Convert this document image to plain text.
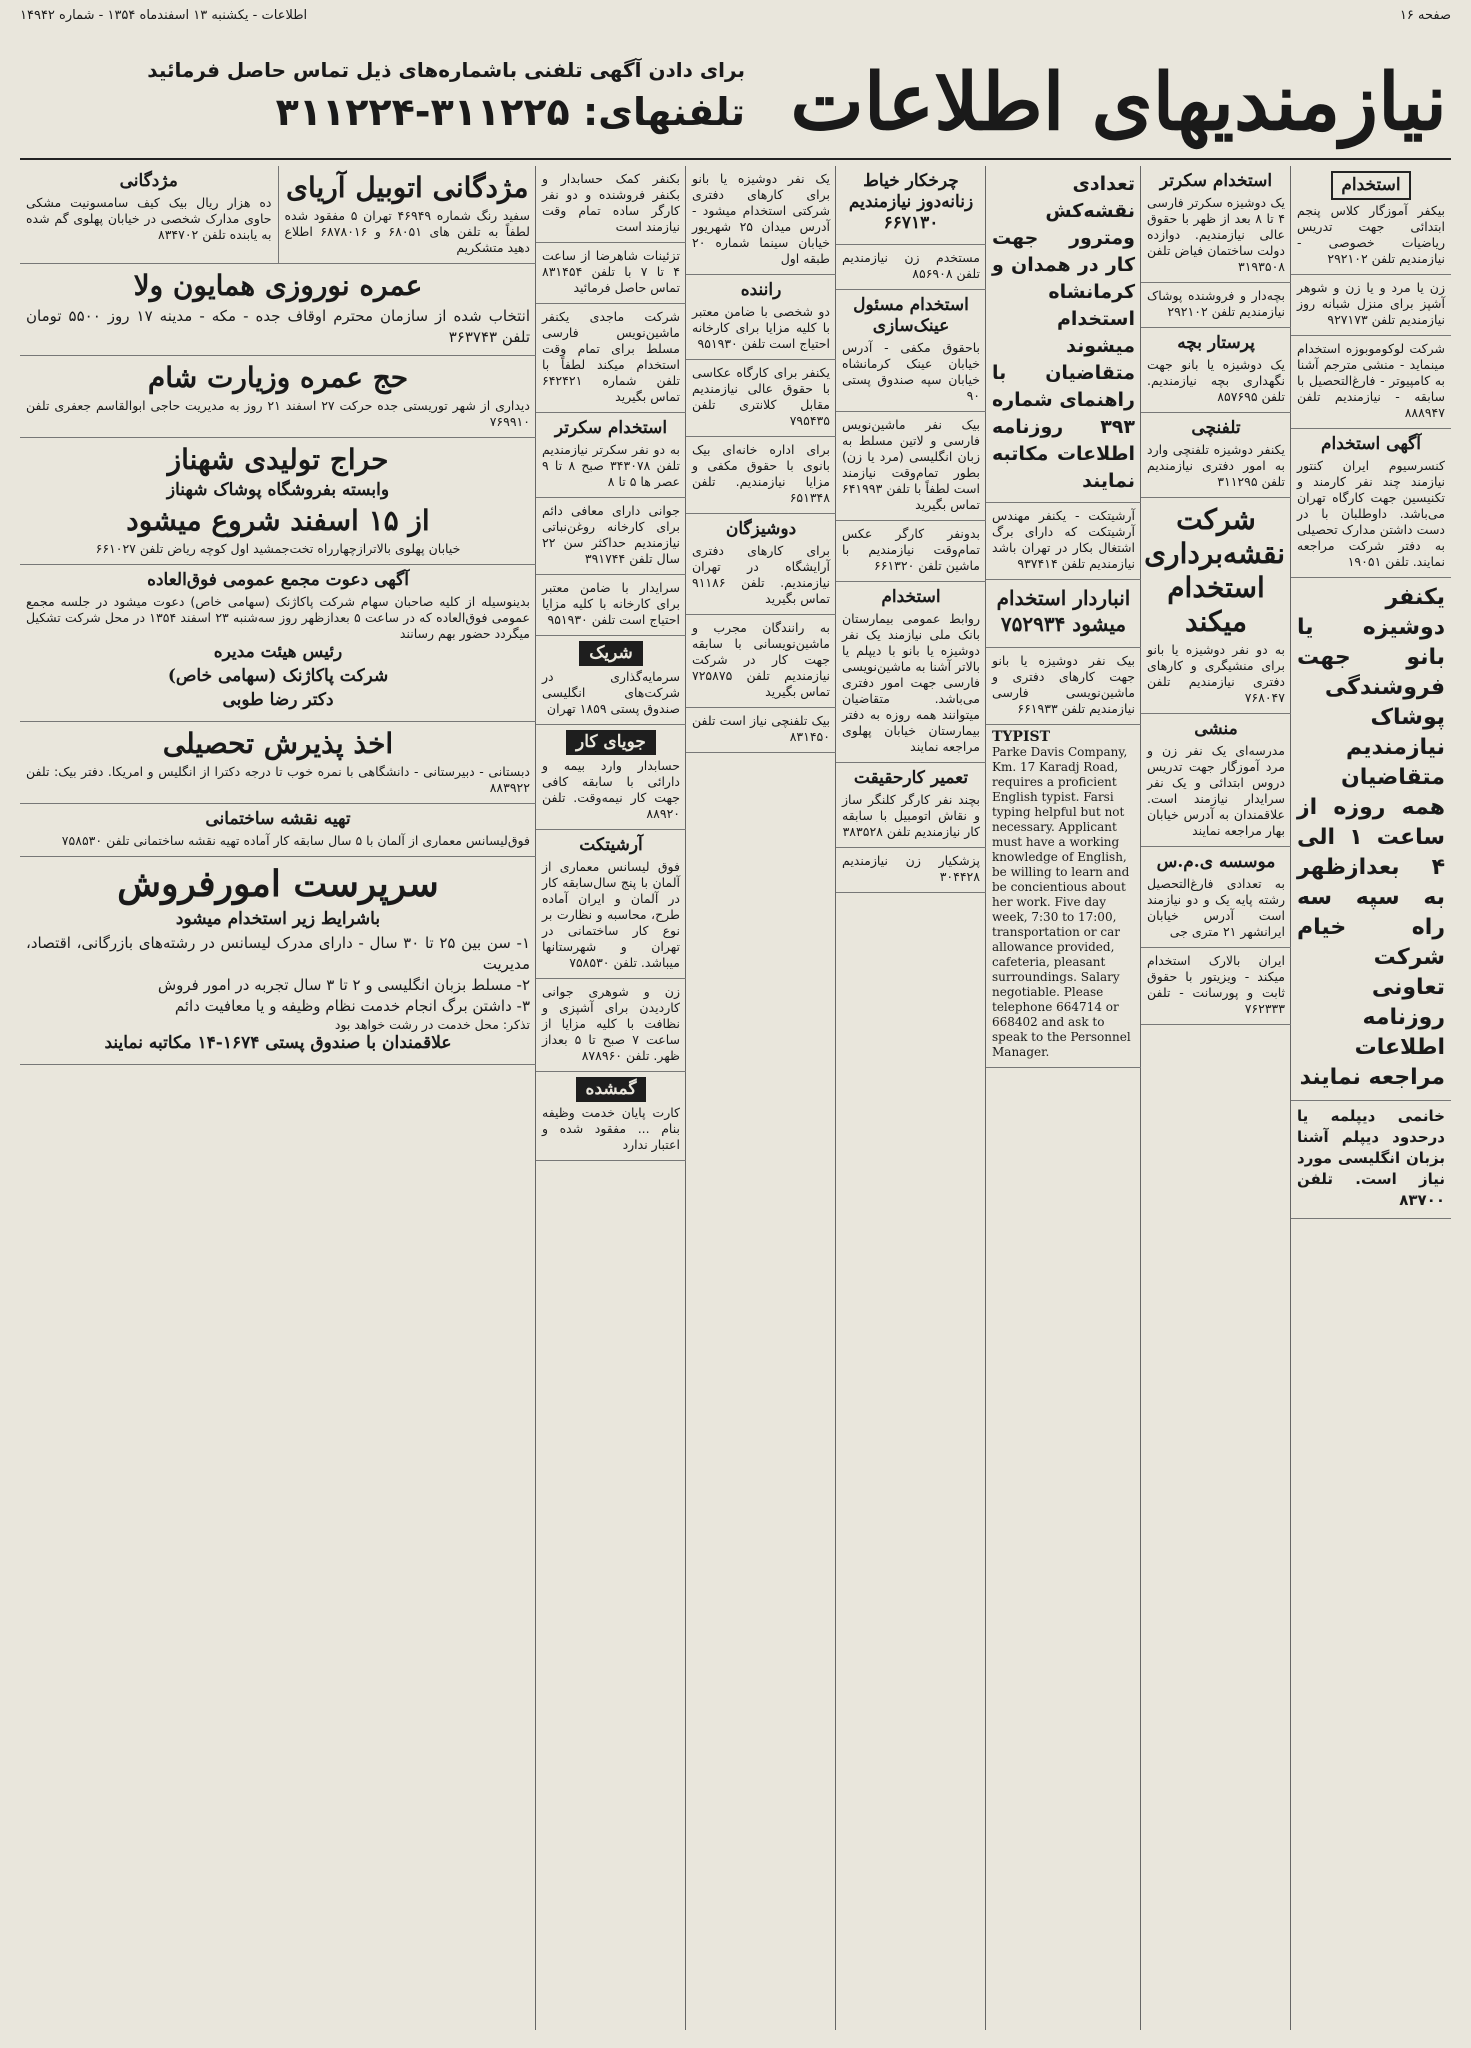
صفحه ۱۶
اطلاعات - یکشنبه ۱۳ اسفندماه ۱۳۵۴ - شماره ۱۴۹۴۲
نیازمندیهای اطلاعات
برای دادن آگهی تلفنی باشماره‌های ذیل تماس حاصل فرمائید
تلفنهای: ۳۱۱۲۲۵-۳۱۱۲۲۴
استخدام
بیکفر آموزگار کلاس پنجم ابتدائی جهت تدریس ریاضیات خصوصی - نیازمندیم تلفن ۲۹۲۱۰۲
زن یا مرد و یا زن و شوهر آشپز برای منزل شبانه روز نیازمندیم تلفن ۹۲۷۱۷۳
شرکت لوکوموبوزه استخدام مینماید - منشی مترجم آشنا به کامپیوتر - فارغ‌التحصیل با سابقه - نیازمندیم تلفن ۸۸۸۹۴۷
آگهی استخدام
کنسرسیوم ایران کنتور نیازمند چند نفر کارمند و تکنیسین جهت کارگاه تهران می‌باشد. داوطلبان با در دست داشتن مدارک تحصیلی به دفتر شرکت مراجعه نمایند. تلفن ۱۹۰۵۱
یکنفر دوشیزه یا بانو جهت فروشندگی پوشاک نیازمندیم متقاضیان همه روزه از ساعت ۱ الی ۴ بعدازظهر به سپه سه راه خیام شرکت تعاونی روزنامه اطلاعات مراجعه نمایند
خانمی دیپلمه یا درحدود دیپلم آشنا بزبان انگلیسی مورد نیاز است. تلفن ۸۳۷۰۰
استخدام سکرتر
یک دوشیزه سکرتر فارسی ۴ تا ۸ بعد از ظهر با حقوق عالی نیازمندیم. دوازده دولت ساختمان فیاض تلفن ۳۱۹۳۵۰۸
بچه‌دار و فروشنده پوشاک نیازمندیم تلفن ۲۹۲۱۰۲
پرستار بچه
یک دوشیزه یا بانو جهت نگهداری بچه نیازمندیم. تلفن ۸۵۷۶۹۵
تلفنچی
یکنفر دوشیزه تلفنچی وارد به امور دفتری نیازمندیم تلفن ۳۱۱۲۹۵
شرکت نقشه‌برداری استخدام میکند
به دو نفر دوشیزه یا بانو برای منشیگری و کارهای دفتری نیازمندیم تلفن ۷۶۸۰۴۷
منشی
مدرسه‌ای یک نفر زن و مرد آموزگار جهت تدریس دروس ابتدائی و یک نفر سرایدار نیازمند است. علاقمندان به آدرس خیابان بهار مراجعه نمایند
موسسه ی.م.س
به تعدادی فارغ‌التحصیل رشته پایه یک و دو نیازمند است آدرس خیابان ایرانشهر ۲۱ متری جی
ایران بالارک استخدام میکند - ویزیتور با حقوق ثابت و پورسانت - تلفن ۷۶۲۳۳۳
تعدادی نقشه‌کش ومترور جهت کار در همدان و کرمانشاه استخدام میشوند متقاضیان با راهنمای شماره ۳۹۳ روزنامه اطلاعات مکاتبه نمایند
آرشیتکت - یکنفر مهندس آرشیتکت که دارای برگ اشتغال بکار در تهران باشد نیازمندیم تلفن ۹۳۷۴۱۴
انباردار استخدام میشود ۷۵۲۹۳۴
بیک نفر دوشیزه یا بانو جهت کارهای دفتری و ماشین‌نویسی فارسی نیازمندیم تلفن ۶۶۱۹۳۳
TYPIST
Parke Davis Company, Km. 17 Karadj Road, requires a proficient English typist. Farsi typing helpful but not necessary. Applicant must have a working knowledge of English, be willing to learn and be concientious about her work. Five day week, 7:30 to 17:00, transportation or car allowance provided, cafeteria, pleasant surroundings. Salary negotiable. Please telephone 664714 or 668402 and ask to speak to the Personnel Manager.
چرخکار خیاط زنانه‌دوز نیازمندیم ۶۶۷۱۳۰
مستخدم زن نیازمندیم تلفن ۸۵۶۹۰۸
استخدام مسئول عینک‌سازی
باحقوق مکفی - آدرس خیابان عینک کرمانشاه خیابان سپه صندوق پستی ۹۰
بیک نفر ماشین‌نویس فارسی و لاتین مسلط به زبان انگلیسی (مرد یا زن) بطور تمام‌وقت نیازمند است لطفاً با تلفن ۶۴۱۹۹۳ تماس بگیرید
بدونفر کارگر عکس تمام‌وقت نیازمندیم با ماشین تلفن ۶۶۱۳۲۰
استخدام
روابط عمومی بیمارستان بانک ملی نیازمند یک نفر دوشیزه یا بانو با دیپلم یا بالاتر آشنا به ماشین‌نویسی فارسی جهت امور دفتری می‌باشد. متقاضیان میتوانند همه روزه به دفتر بیمارستان خیابان پهلوی مراجعه نمایند
تعمیر کارحقیقت
بچند نفر کارگر کلنگر ساز و نقاش اتومبیل با سابقه کار نیازمندیم تلفن ۳۸۳۵۲۸
پزشکیار زن نیازمندیم ۳۰۴۴۲۸
یک نفر دوشیزه یا بانو برای کارهای دفتری شرکتی استخدام میشود - آدرس میدان ۲۵ شهریور خیابان سینما شماره ۲۰ طبقه اول
راننده
دو شخصی با ضامن معتبر با کلیه مزایا برای کارخانه احتیاج است تلفن ۹۵۱۹۳۰
یکنفر برای کارگاه عکاسی با حقوق عالی نیازمندیم مقابل کلانتری تلفن ۷۹۵۴۳۵
برای اداره خانه‌ای بیک بانوی با حقوق مکفی و مزایا نیازمندیم. تلفن ۶۵۱۳۴۸
دوشیزگان
برای کارهای دفتری آرایشگاه در تهران نیازمندیم. تلفن ۹۱۱۸۶ تماس بگیرید
به رانندگان مجرب و ماشین‌نویسانی با سابقه جهت کار در شرکت نیازمندیم تلفن ۷۲۵۸۷۵ تماس بگیرید
بیک تلفنچی نیاز است تلفن ۸۳۱۴۵۰
بکنفر کمک حسابدار و بکنفر فروشنده و دو نفر کارگر ساده تمام وقت نیازمند است
تزئینات شاهرضا از ساعت ۴ تا ۷ با تلفن ۸۳۱۴۵۴ تماس حاصل فرمائید
شرکت ماجدی یکنفر ماشین‌نویس فارسی مسلط برای تمام وقت استخدام میکند لطفاً با تلفن شماره ۶۴۲۴۲۱ تماس بگیرید
استخدام سکرتر
به دو نفر سکرتر نیازمندیم تلفن ۳۴۳۰۷۸ صبح ۸ تا ۹ عصر ها ۵ تا ۸
جوانی دارای معافی دائم برای کارخانه روغن‌نباتی نیازمندیم حداکثر سن ۲۲ سال تلفن ۳۹۱۷۴۴
سرایدار با ضامن معتبر برای کارخانه با کلیه مزایا احتیاج است تلفن ۹۵۱۹۳۰
شریک
سرمایه‌گذاری در شرکت‌های انگلیسی صندوق پستی ۱۸۵۹ تهران
جویای کار
حسابدار وارد بیمه و دارائی با سابقه کافی جهت کار نیمه‌وقت. تلفن ۸۸۹۲۰
آرشیتکت
فوق لیسانس معماری از آلمان با پنج سال‌سابقه کار در آلمان و ایران آماده طرح، محاسبه و نظارت بر نوع کار ساختمانی در تهران و شهرستانها میباشد. تلفن ۷۵۸۵۳۰
زن و شوهری جوانی کاردیدن برای آشپزی و نظافت با کلیه مزایا از ساعت ۷ صبح تا ۵ بعداز ظهر. تلفن ۸۷۸۹۶۰
گمشده
کارت پایان خدمت وظیفه بنام ... مفقود شده و اعتبار ندارد
مژدگانی اتوبیل آریای
سفید رنگ شماره ۴۶۹۴۹ تهران ۵ مفقود شده لطفاً به تلفن های ۶۸۰۵۱ و ۶۸۷۸۰۱۶ اطلاع دهید متشکریم
مژدگانی
ده هزار ریال بیک کیف سامسونیت مشکی حاوی مدارک شخصی در خیابان پهلوی گم شده به یابنده تلفن ۸۳۴۷۰۲
عمره نوروزی همایون ولا
انتخاب شده از سازمان محترم اوقاف جده - مکه - مدینه ۱۷ روز ۵۵۰۰ تومان تلفن ۳۶۳۷۴۳
حج عمره وزیارت شام
دیداری از شهر توریستی جده حرکت ۲۷ اسفند ۲۱ روز به مدیریت حاجی ابوالقاسم جعفری تلفن ۷۶۹۹۱۰
حراج تولیدی شهناز
وابسته بفروشگاه پوشاک شهناز
از ۱۵ اسفند شروع میشود
خیابان پهلوی بالاترازچهارراه تخت‌جمشید اول کوچه ریاض تلفن ۶۶۱۰۲۷
آگهی دعوت مجمع عمومی فوق‌العاده
بدینوسیله از کلیه صاحبان سهام شرکت پاکاژنک (سهامی خاص) دعوت میشود در جلسه مجمع عمومی فوق‌العاده که در ساعت ۵ بعدازظهر روز سه‌شنبه ۲۳ اسفند ۱۳۵۴ در محل شرکت تشکیل میگردد حضور بهم رسانند
رئیس هیئت مدیره
شرکت پاکاژنک (سهامی خاص)
دکتر رضا طوبی
اخذ پذیرش تحصیلی
دبستانی - دبیرستانی - دانشگاهی با نمره خوب تا درجه دکترا از انگلیس و امریکا. دفتر بیک: تلفن ۸۸۳۹۲۲
تهیه نقشه ساختمانی
فوق‌لیسانس معماری از آلمان با ۵ سال سابقه کار آماده تهیه نقشه ساختمانی تلفن ۷۵۸۵۳۰
سرپرست امورفروش
باشرایط زیر استخدام میشود
۱- سن بین ۲۵ تا ۳۰ سال - دارای مدرک لیسانس در رشته‌های بازرگانی، اقتصاد، مدیریت
۲- مسلط بزبان انگلیسی و ۲ تا ۳ سال تجربه در امور فروش
۳- داشتن برگ انجام خدمت نظام وظیفه و یا معافیت دائم
تذکر: محل خدمت در رشت خواهد بود
علاقمندان با صندوق پستی ۱۶۷۴-۱۴ مکاتبه نمایند
